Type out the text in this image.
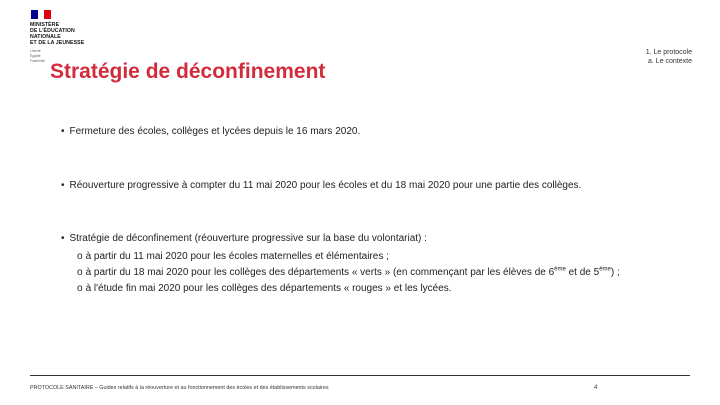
MINISTÈRE
DE L'ÉDUCATION
NATIONALE
ET DE LA JEUNESSE
Liberté
Égalité
Fraternité
1. Le protocole
a. Le contexte
Stratégie de déconfinement
• Fermeture des écoles, collèges et lycées depuis le 16 mars 2020.
• Réouverture progressive à compter du 11 mai 2020 pour les écoles et du 18 mai 2020 pour une partie des collèges.
• Stratégie de déconfinement (réouverture progressive sur la base du volontariat) :
o à partir du 11 mai 2020 pour les écoles maternelles et élémentaires ;
o à partir du 18 mai 2020 pour les collèges des départements « verts » (en commençant par les élèves de 6ème et de 5ème) ;
o à l'étude fin mai 2020 pour les collèges des départements « rouges » et les lycées.
PROTOCOLE SANITAIRE – Guides relatifs à la réouverture et au fonctionnement des écoles et des établissements scolaires	4
